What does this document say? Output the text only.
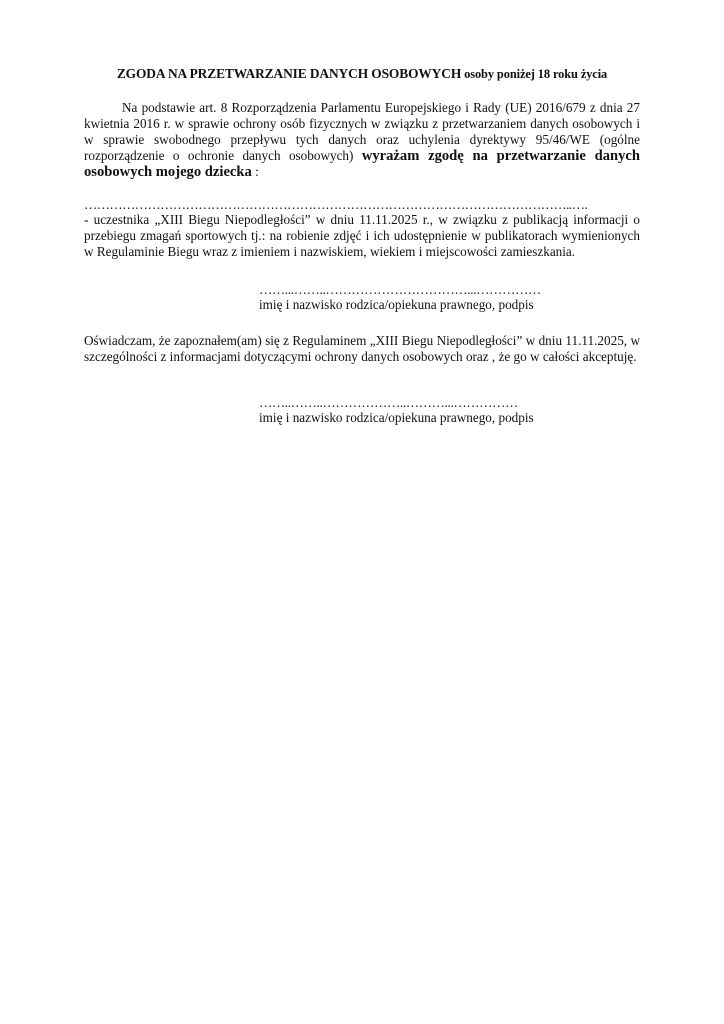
ZGODA NA PRZETWARZANIE DANYCH OSOBOWYCH osoby poniżej 18 roku życia

Na podstawie art. 8 Rozporządzenia Parlamentu Europejskiego i Rady (UE) 2016/679 z dnia 27 kwietnia 2016 r. w sprawie ochrony osób fizycznych w związku z przetwarzaniem danych osobowych i w sprawie swobodnego przepływu tych danych oraz uchylenia dyrektywy 95/46/WE (ogólne rozporządzenie o ochronie danych osobowych) wyrażam zgodę na przetwarzanie danych osobowych mojego dziecka :

……………………………………………………………………………………………………..….

- uczestnika „XIII Biegu Niepodległości” w dniu 11.11.2025 r., w związku z publikacją informacji o przebiegu zmagań sportowych tj.: na robienie zdjęć i ich udostępnienie w publikatorach wymienionych w Regulaminie Biegu wraz z imieniem i nazwiskiem, wiekiem i miejscowości zamieszkania.

……...……..……………………………...……………
imię i nazwisko rodzica/opiekuna prawnego, podpis

Oświadczam, że zapoznałem(am) się z Regulaminem „XIII Biegu Niepodległości” w dniu 11.11.2025, w szczególności z informacjami dotyczącymi ochrony danych osobowych oraz , że go w całości akceptuję.

……..……..………………..………...……………
imię i nazwisko rodzica/opiekuna prawnego, podpis
